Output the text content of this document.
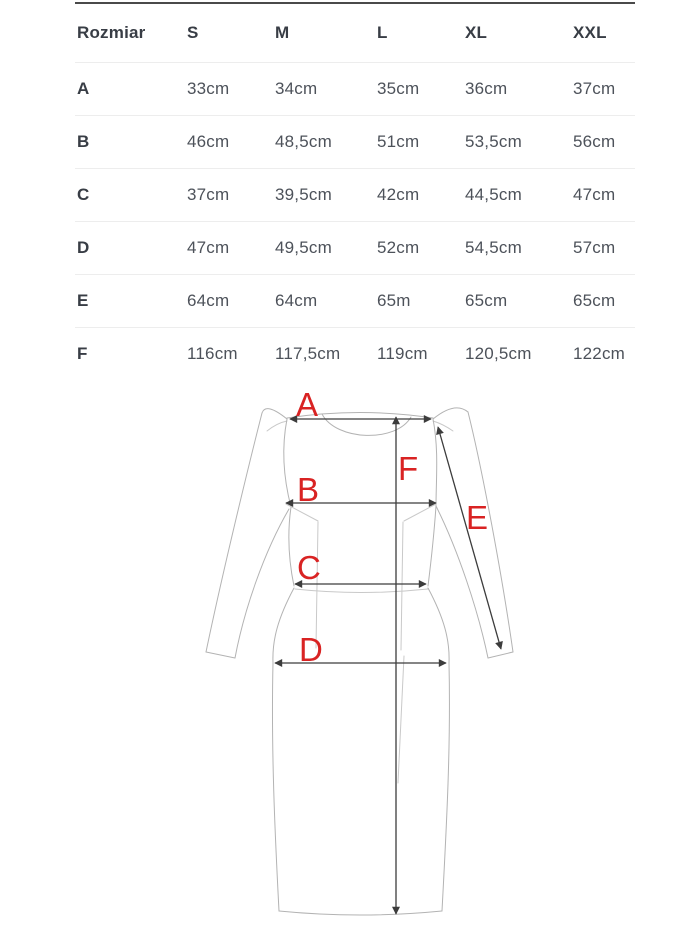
Rozmiar	S	M	L	XL	XXL
A	33cm	34cm	35cm	36cm	37cm
B	46cm	48,5cm	51cm	53,5cm	56cm
C	37cm	39,5cm	42cm	44,5cm	47cm
D	47cm	49,5cm	52cm	54,5cm	57cm
E	64cm	64cm	65m	65cm	65cm
F	116cm	117,5cm	119cm	120,5cm	122cm
A
B
C
D
E
F
